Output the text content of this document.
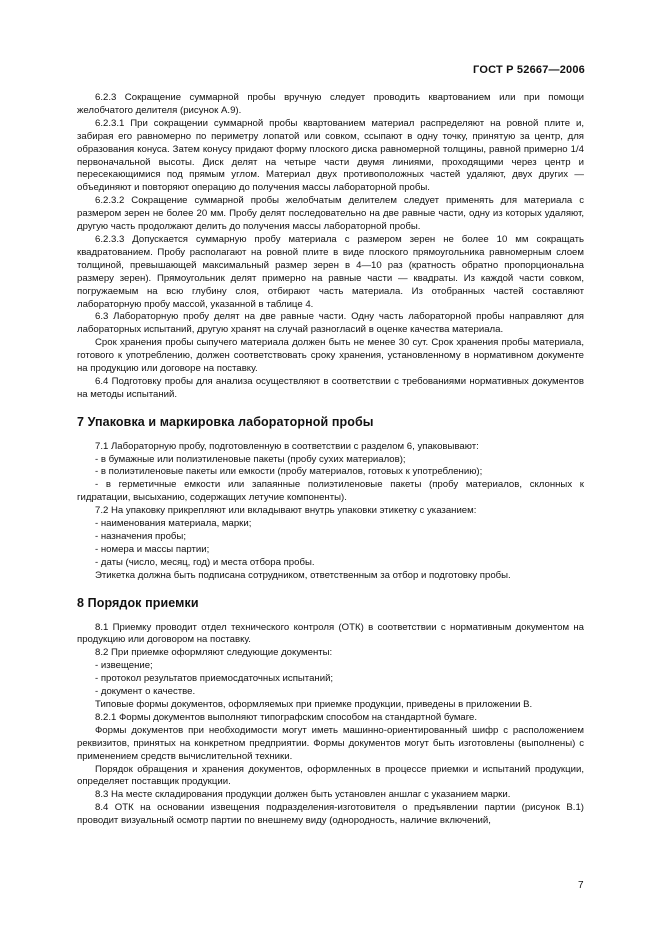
ГОСТ Р 52667—2006

6.2.3 Сокращение суммарной пробы вручную следует проводить квартованием или при помощи желобчатого делителя (рисунок А.9).

6.2.3.1 При сокращении суммарной пробы квартованием материал распределяют на ровной плите и, забирая его равномерно по периметру лопатой или совком, ссыпают в одну точку, принятую за центр, для образования конуса. Затем конусу придают форму плоского диска равномерной толщины, равной примерно 1/4 первоначальной высоты. Диск делят на четыре части двумя линиями, проходящими через центр и пересекающимися под прямым углом. Материал двух противоположных частей удаляют, двух других — объединяют и повторяют операцию до получения массы лабораторной пробы.

6.2.3.2 Сокращение суммарной пробы желобчатым делителем следует применять для материала с размером зерен не более 20 мм. Пробу делят последовательно на две равные части, одну из которых удаляют, другую часть продолжают делить до получения массы лабораторной пробы.

6.2.3.3 Допускается суммарную пробу материала с размером зерен не более 10 мм сокращать квадратованием. Пробу располагают на ровной плите в виде плоского прямоугольника равномерным слоем толщиной, превышающей максимальный размер зерен в 4—10 раз (кратность обратно пропорциональна размеру зерен). Прямоугольник делят примерно на равные части — квадраты. Из каждой части совком, погружаемым на всю глубину слоя, отбирают часть материала. Из отобранных частей составляют лабораторную пробу массой, указанной в таблице 4.

6.3 Лабораторную пробу делят на две равные части. Одну часть лабораторной пробы направляют для лабораторных испытаний, другую хранят на случай разногласий в оценке качества материала.

Срок хранения пробы сыпучего материала должен быть не менее 30 сут. Срок хранения пробы материала, готового к употреблению, должен соответствовать сроку хранения, установленному в нормативном документе на продукцию или договоре на поставку.

6.4 Подготовку пробы для анализа осуществляют в соответствии с требованиями нормативных документов на методы испытаний.

7 Упаковка и маркировка лабораторной пробы

7.1 Лабораторную пробу, подготовленную в соответствии с разделом 6, упаковывают:

- в бумажные или полиэтиленовые пакеты (пробу сухих материалов);

- в полиэтиленовые пакеты или емкости (пробу материалов, готовых к употреблению);

- в герметичные емкости или запаянные полиэтиленовые пакеты (пробу материалов, склонных к гидратации, высыханию, содержащих летучие компоненты).

7.2 На упаковку прикрепляют или вкладывают внутрь упаковки этикетку с указанием:

- наименования материала, марки;

- назначения пробы;

- номера и массы партии;

- даты (число, месяц, год) и места отбора пробы.

Этикетка должна быть подписана сотрудником, ответственным за отбор и подготовку пробы.

8 Порядок приемки

8.1 Приемку проводит отдел технического контроля (ОТК) в соответствии с нормативным документом на продукцию или договором на поставку.

8.2 При приемке оформляют следующие документы:

- извещение;

- протокол результатов приемосдаточных испытаний;

- документ о качестве.

Типовые формы документов, оформляемых при приемке продукции, приведены в приложении В.

8.2.1 Формы документов выполняют типографским способом на стандартной бумаге.

Формы документов при необходимости могут иметь машинно-ориентированный шифр с расположением реквизитов, принятых на конкретном предприятии. Формы документов могут быть изготовлены (выполнены) с применением средств вычислительной техники.

Порядок обращения и хранения документов, оформленных в процессе приемки и испытаний продукции, определяет поставщик продукции.

8.3 На месте складирования продукции должен быть установлен аншлаг с указанием марки.

8.4 ОТК на основании извещения подразделения-изготовителя о предъявлении партии (рисунок В.1) проводит визуальный осмотр партии по внешнему виду (однородность, наличие включений,

7
